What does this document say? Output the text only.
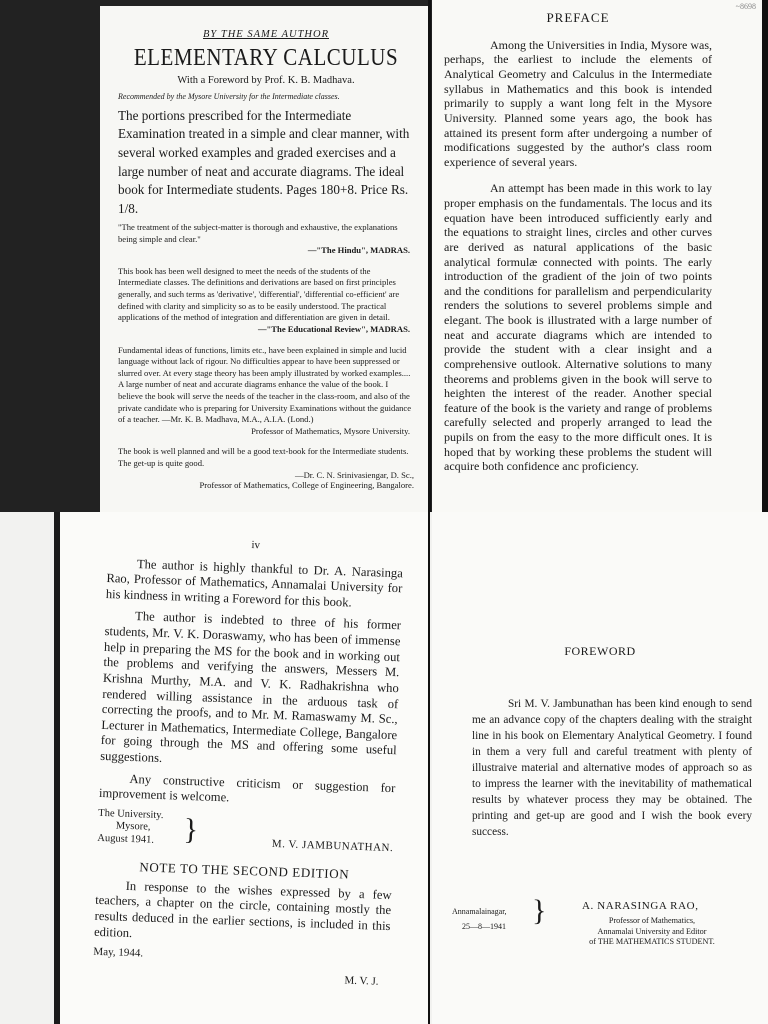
BY THE SAME AUTHOR
ELEMENTARY CALCULUS
With a Foreword by Prof. K. B. Madhava.
Recommended by the Mysore University for the Intermediate classes.

The portions prescribed for the Intermediate Examination treated in a simple and clear manner, with several worked examples and graded exercises and a large number of neat and accurate diagrams. The ideal book for Intermediate students. Pages 180+8. Price Rs. 1/8.

"The treatment of the subject-matter is thorough and exhaustive, the explanations being simple and clear."

—"The Hindu", MADRAS.

This book has been well designed to meet the needs of the students of the Intermediate classes. The definitions and derivations are based on first principles generally, and such terms as 'derivative', 'differential', 'differential co-efficient' are defined with clarity and simplicity so as to be easily understood. The practical applications of the method of integration and differentiation are given in detail.

—"The Educational Review", MADRAS.

Fundamental ideas of functions, limits etc., have been explained in simple and lucid language without lack of rigour. No difficulties appear to have been suppressed or slurred over. At every stage theory has been amply illustrated by worked examples.... A large number of neat and accurate diagrams enhance the value of the book. I believe the book will serve the needs of the teacher in the class-room, and also of the private candidate who is preparing for University Examinations without the guidance of a teacher. —Mr. K. B. Madhava, M.A., A.I.A. (Lond.)

Professor of Mathematics, Mysore University.

The book is well planned and will be a good text-book for the Intermediate students. The get-up is quite good.

—Dr. C. N. Srinivasiengar, D. Sc.,
Professor of Mathematics, College of Engineering, Bangalore.
~8698
PREFACE

Among the Universities in India, Mysore was, perhaps, the earliest to include the elements of Analytical Geometry and Calculus in the Intermediate syllabus in Mathematics and this book is intended primarily to supply a want long felt in the Mysore University. Planned some years ago, the book has attained its present form after undergoing a number of modifications suggested by the author's class room experience of several years.

An attempt has been made in this work to lay proper emphasis on the fundamentals. The locus and its equation have been introduced sufficiently early and the equations to straight lines, circles and other curves are derived as natural applications of the basic analytical formulæ connected with points. The early introduction of the gradient of the join of two points and the conditions for parallelism and perpendicularity renders the solutions to severel problems simple and elegant. The book is illustrated with a large number of neat and accurate diagrams which are intended to provide the student with a clear insight and a comprehensive outlook. Alternative solutions to many theorems and problems given in the book will serve to heighten the interest of the reader. Another special feature of the book is the variety and range of problems carefully selected and properly arranged to lead the pupils on from the easy to the more difficult ones. It is hoped that by working these problems the student will acquire both confidence anc proficiency.

iv

The author is highly thankful to Dr. A. Narasinga Rao, Professor of Mathematics, Annamalai University for his kindness in writing a Foreword for this book.

The author is indebted to three of his former students, Mr. V. K. Doraswamy, who has been of immense help in preparing the MS for the book and in working out the problems and verifying the answers, Messers M. Krishna Murthy, M.A. and V. K. Radhakrishna who rendered willing assistance in the arduous task of correcting the proofs, and to Mr. M. Ramaswamy M. Sc., Lecturer in Mathematics, Intermediate College, Bangalore for going through the MS and offering some useful suggestions.

Any constructive criticism or suggestion for improvement is welcome.

The University.
Mysore,
August 1941. }	M. V. JAMBUNATHAN.
NOTE TO THE SECOND EDITION

In response to the wishes expressed by a few teachers, a chapter on the circle, containing mostly the results deduced in the earlier sections, is included in this edition.

May, 1944.
M. V. J.
FOREWORD

Sri M. V. Jambunathan has been kind enough to send me an advance copy of the chapters dealing with the straight line in his book on Elementary Analytical Geometry. I found in them a very full and careful treatment with plenty of illustraive material and alternative modes of approach so as to impress the learner with the inevitability of mathematical results by whatever process they may be obtained. The printing and get-up are good and I wish the book every success.

Annamalainagar,
25—8—1941 }	A. NARASINGA RAO,
Professor of Mathematics,
Annamalai University and Editor
of THE MATHEMATICS STUDENT.
